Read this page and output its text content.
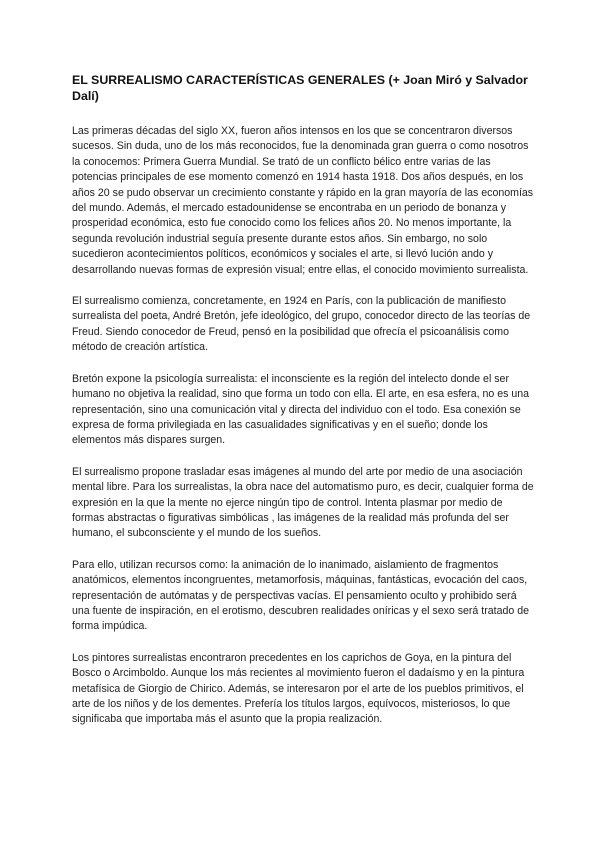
EL SURREALISMO CARACTERÍSTICAS GENERALES (+ Joan Miró y Salvador Dalí)

Las primeras décadas del siglo XX, fueron años intensos en los que se concentraron diversos sucesos. Sin duda, uno de los más reconocidos, fue la denominada gran guerra o como nosotros la conocemos: Primera Guerra Mundial. Se trató de un conflicto bélico entre varias de las potencias principales de ese momento comenzó en 1914 hasta 1918. Dos años después, en los años 20 se pudo observar un crecimiento constante y rápido en la gran mayoría de las economías del mundo. Además, el mercado estadounidense se encontraba en un periodo de bonanza y prosperidad económica, esto fue conocido como los felices años 20. No menos importante, la segunda revolución industrial seguía presente durante estos años. Sin embargo, no solo sucedieron acontecimientos políticos, económicos y sociales el arte, si llevó lución ando y desarrollando nuevas formas de expresión visual; entre ellas, el conocido movimiento surrealista.

El surrealismo comienza, concretamente, en 1924 en París, con la publicación de manifiesto surrealista del poeta, André Bretón, jefe ideológico, del grupo, conocedor directo de las teorías de Freud. Siendo conocedor de Freud, pensó en la posibilidad que ofrecía el psicoanálisis como método de creación artística.

Bretón expone la psicología surrealista: el inconsciente es la región del intelecto donde el ser humano no objetiva la realidad, sino que forma un todo con ella. El arte, en esa esfera, no es una representación, sino una comunicación vital y directa del individuo con el todo. Esa conexión se expresa de forma privilegiada en las casualidades significativas y en el sueño; donde los elementos más dispares surgen.

El surrealismo propone trasladar esas imágenes al mundo del arte por medio de una asociación mental libre. Para los surrealistas, la obra nace del automatismo puro, es decir, cualquier forma de expresión en la que la mente no ejerce ningún tipo de control. Intenta plasmar por medio de formas abstractas o figurativas simbólicas , las imágenes de la realidad más profunda del ser humano, el subconsciente y el mundo de los sueños.

Para ello, utilizan recursos como: la animación de lo inanimado, aislamiento de fragmentos anatómicos, elementos incongruentes, metamorfosis, máquinas, fantásticas, evocación del caos, representación de autómatas y de perspectivas vacías. El pensamiento oculto y prohibido será una fuente de inspiración, en el erotismo, descubren realidades oníricas y el sexo será tratado de forma impúdica.

Los pintores surrealistas encontraron precedentes en los caprichos de Goya, en la pintura del Bosco o Arcimboldo. Aunque los más recientes al movimiento fueron el dadaísmo y en la pintura metafísica de Giorgio de Chirico. Además, se interesaron por el arte de los pueblos primitivos, el arte de los niños y de los dementes. Prefería los títulos largos, equívocos, misteriosos, lo que significaba que importaba más el asunto que la propia realización.
